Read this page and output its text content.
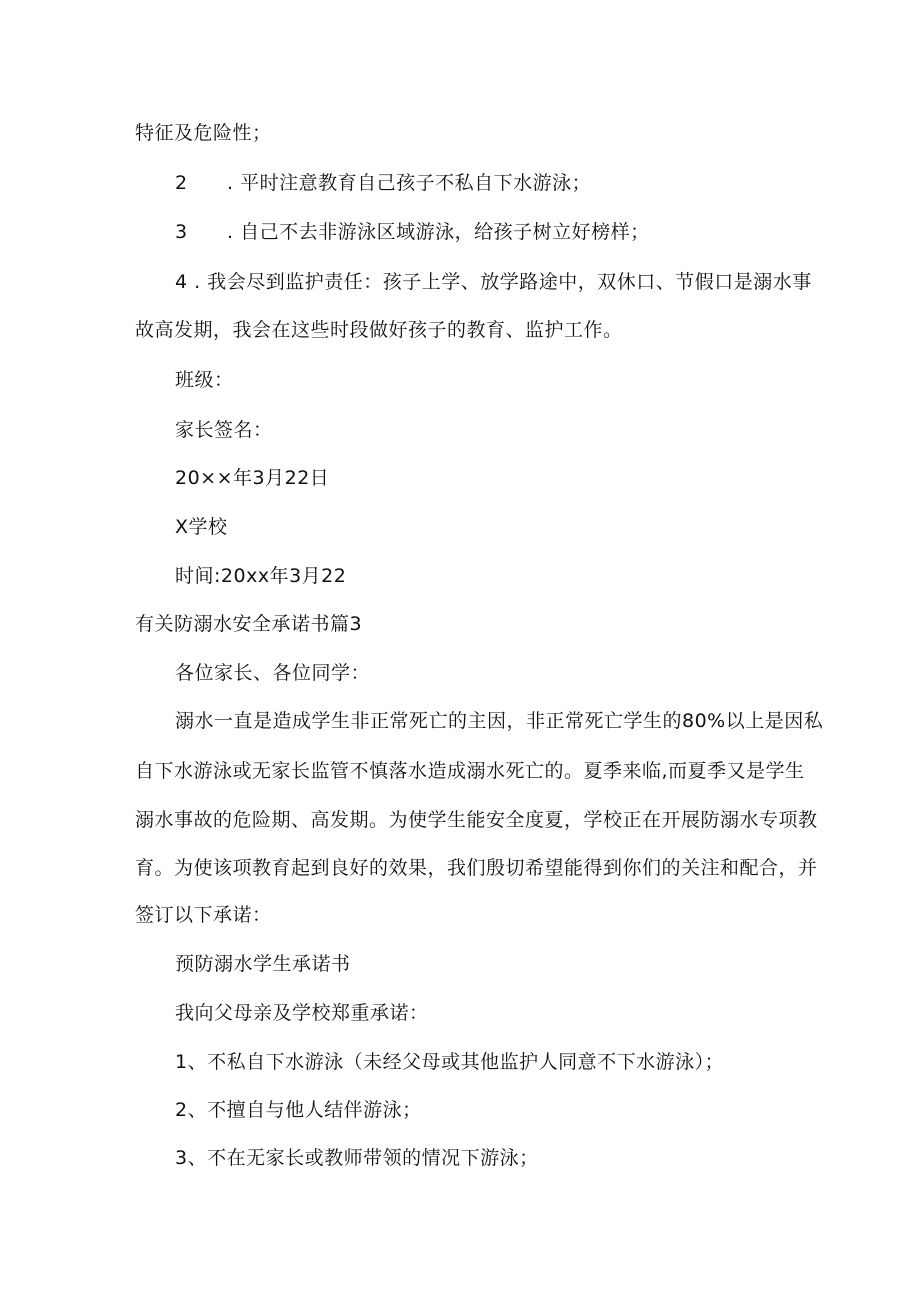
特征及危险性；
2 . 平时注意教育自己孩子不私自下水游泳；
3 . 自己不去非游泳区域游泳，给孩子树立好榜样；
4 . 我会尽到监护责任：孩子上学、放学路途中，双休口、节假口是溺水事
故高发期，我会在这些时段做好孩子的教育、监护工作。
班级：
家长签名：
20××年3月22日
X学校
时间:20xx年3月22
有关防溺水安全承诺书篇3
各位家长、各位同学：
溺水一直是造成学生非正常死亡的主因，非正常死亡学生的80%以上是因私
自下水游泳或无家长监管不慎落水造成溺水死亡的。夏季来临,而夏季又是学生
溺水事故的危险期、高发期。为使学生能安全度夏，学校正在开展防溺水专项教
育。为使该项教育起到良好的效果，我们殷切希望能得到你们的关注和配合，并
签订以下承诺：
预防溺水学生承诺书
我向父母亲及学校郑重承诺：
1、不私自下水游泳（未经父母或其他监护人同意不下水游泳）；
2、不擅自与他人结伴游泳；
3、不在无家长或教师带领的情况下游泳；
